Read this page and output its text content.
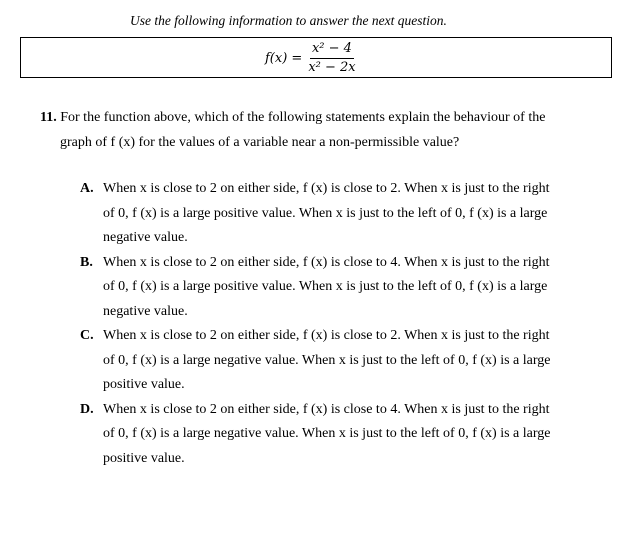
Use the following information to answer the next question.
$f(x) = \frac{\text{x² − 4}}{\text{x² − 2x}}$
11. For the function above, which of the following statements explain the behaviour of the
graph of f (x) for the values of a variable near a non-permissible value?
A. When x is close to 2 on either side, f (x) is close to 2. When x is just to the right
of 0, f (x) is a large positive value. When x is just to the left of 0, f (x) is a large
negative value.
B. When x is close to 2 on either side, f (x) is close to 4. When x is just to the right
of 0, f (x) is a large positive value. When x is just to the left of 0, f (x) is a large
negative value.
C. When x is close to 2 on either side, f (x) is close to 2. When x is just to the right
of 0, f (x) is a large negative value. When x is just to the left of 0, f (x) is a large
positive value.
D. When x is close to 2 on either side, f (x) is close to 4. When x is just to the right
of 0, f (x) is a large negative value. When x is just to the left of 0, f (x) is a large
positive value.
